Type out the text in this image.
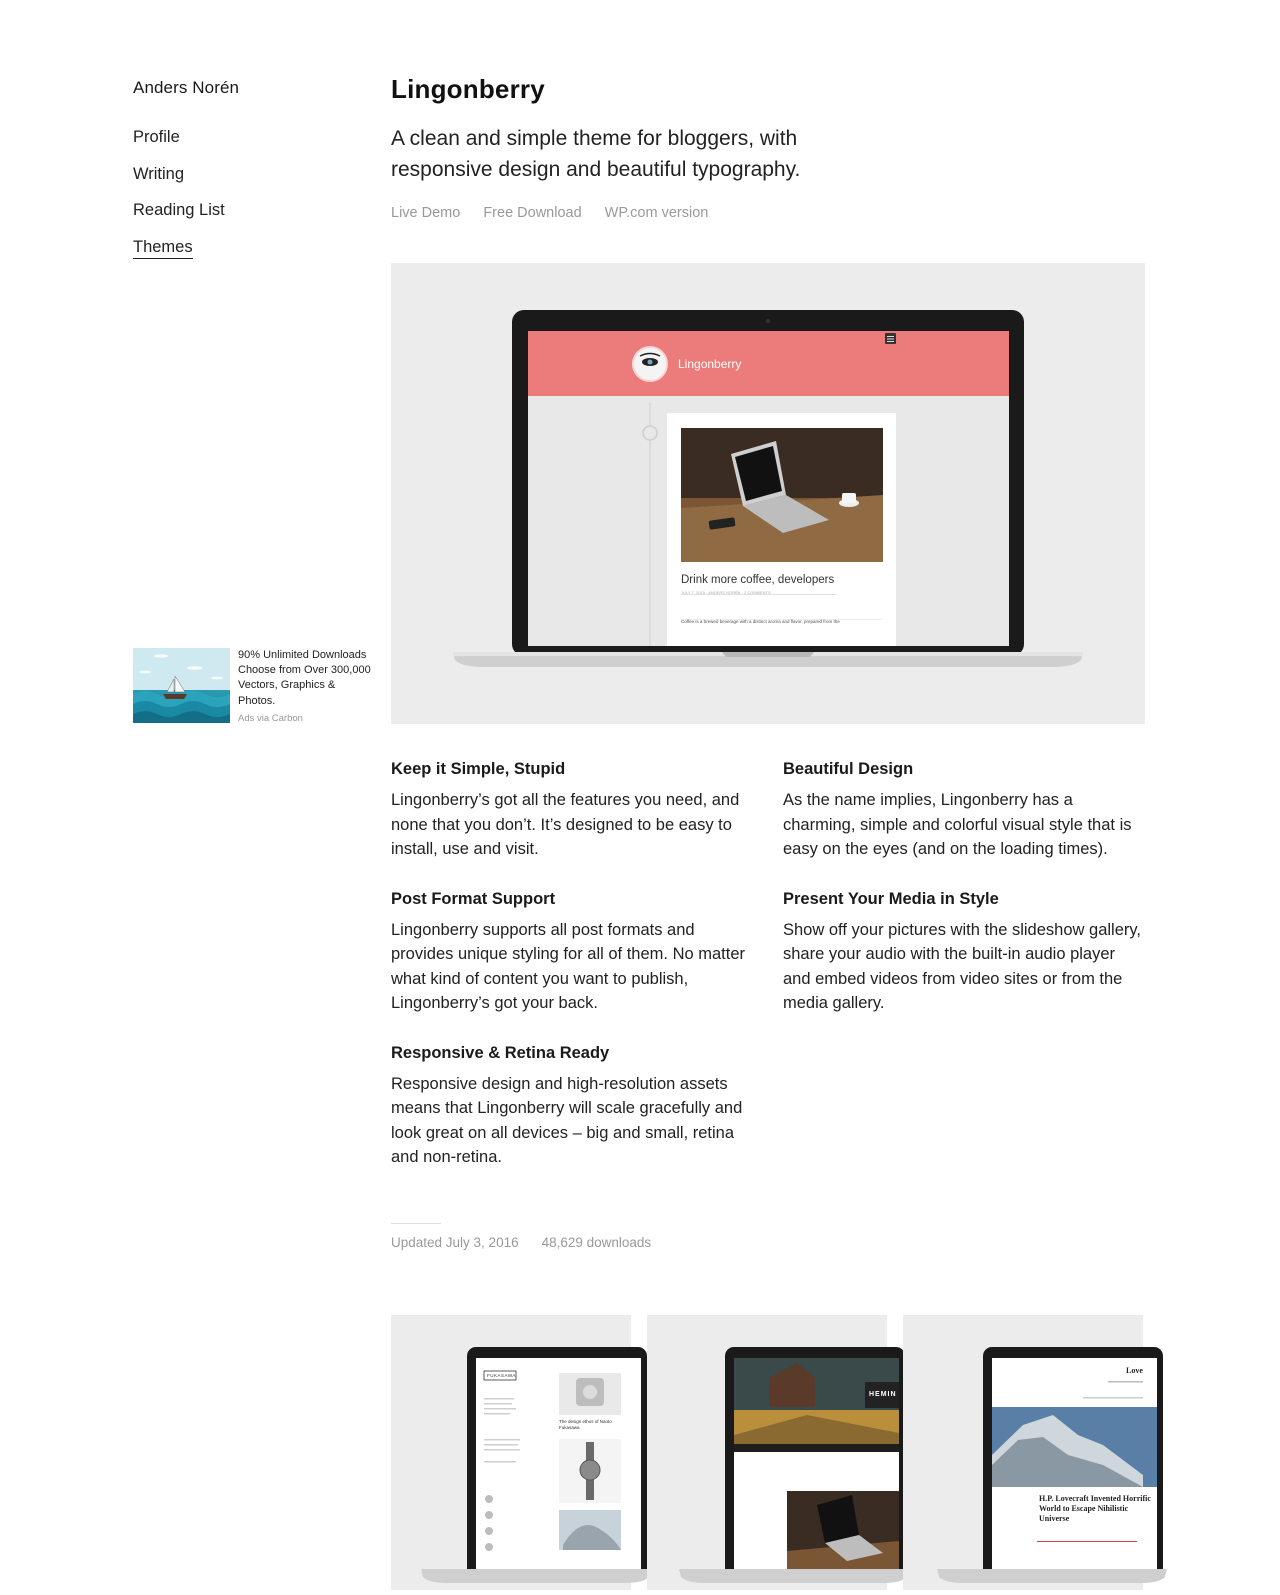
Anders Norén
Profile
Writing
Reading List
Themes
90% Unlimited Downloads
Choose from Over 300,000
Vectors, Graphics & Photos.
Ads via Carbon
Lingonberry

A clean and simple theme for bloggers, with responsive design and beautiful typography.

Live Demo Free Download WP.com version
Lingonberry
Drink more coffee, developers
JULY 7, 2015 · ANDERS NORÉN · 2 COMMENTS
Coffee is a brewed beverage with a distinct aroma and flavor, prepared from the
Keep it Simple, Stupid

Lingonberry’s got all the features you need, and none that you don’t. It’s designed to be easy to install, use and visit.

Beautiful Design

As the name implies, Lingonberry has a charming, simple and colorful visual style that is easy on the eyes (and on the loading times).

Post Format Support

Lingonberry supports all post formats and provides unique styling for all of them. No matter what kind of content you want to publish, Lingonberry’s got your back.

Present Your Media in Style

Show off your pictures with the slideshow gallery, share your audio with the built-in audio player and embed videos from video sites or from the media gallery.

Responsive & Retina Ready

Responsive design and high-resolution assets means that Lingonberry will scale gracefully and look great on all devices – big and small, retina and non-retina.

Updated July 3, 2016 48,629 downloads
FUKASAWA
The design ethos of Naoto Fukasawa
HEMIN
Love
H.P. Lovecraft Invented Horrific World to Escape Nihilistic Universe
